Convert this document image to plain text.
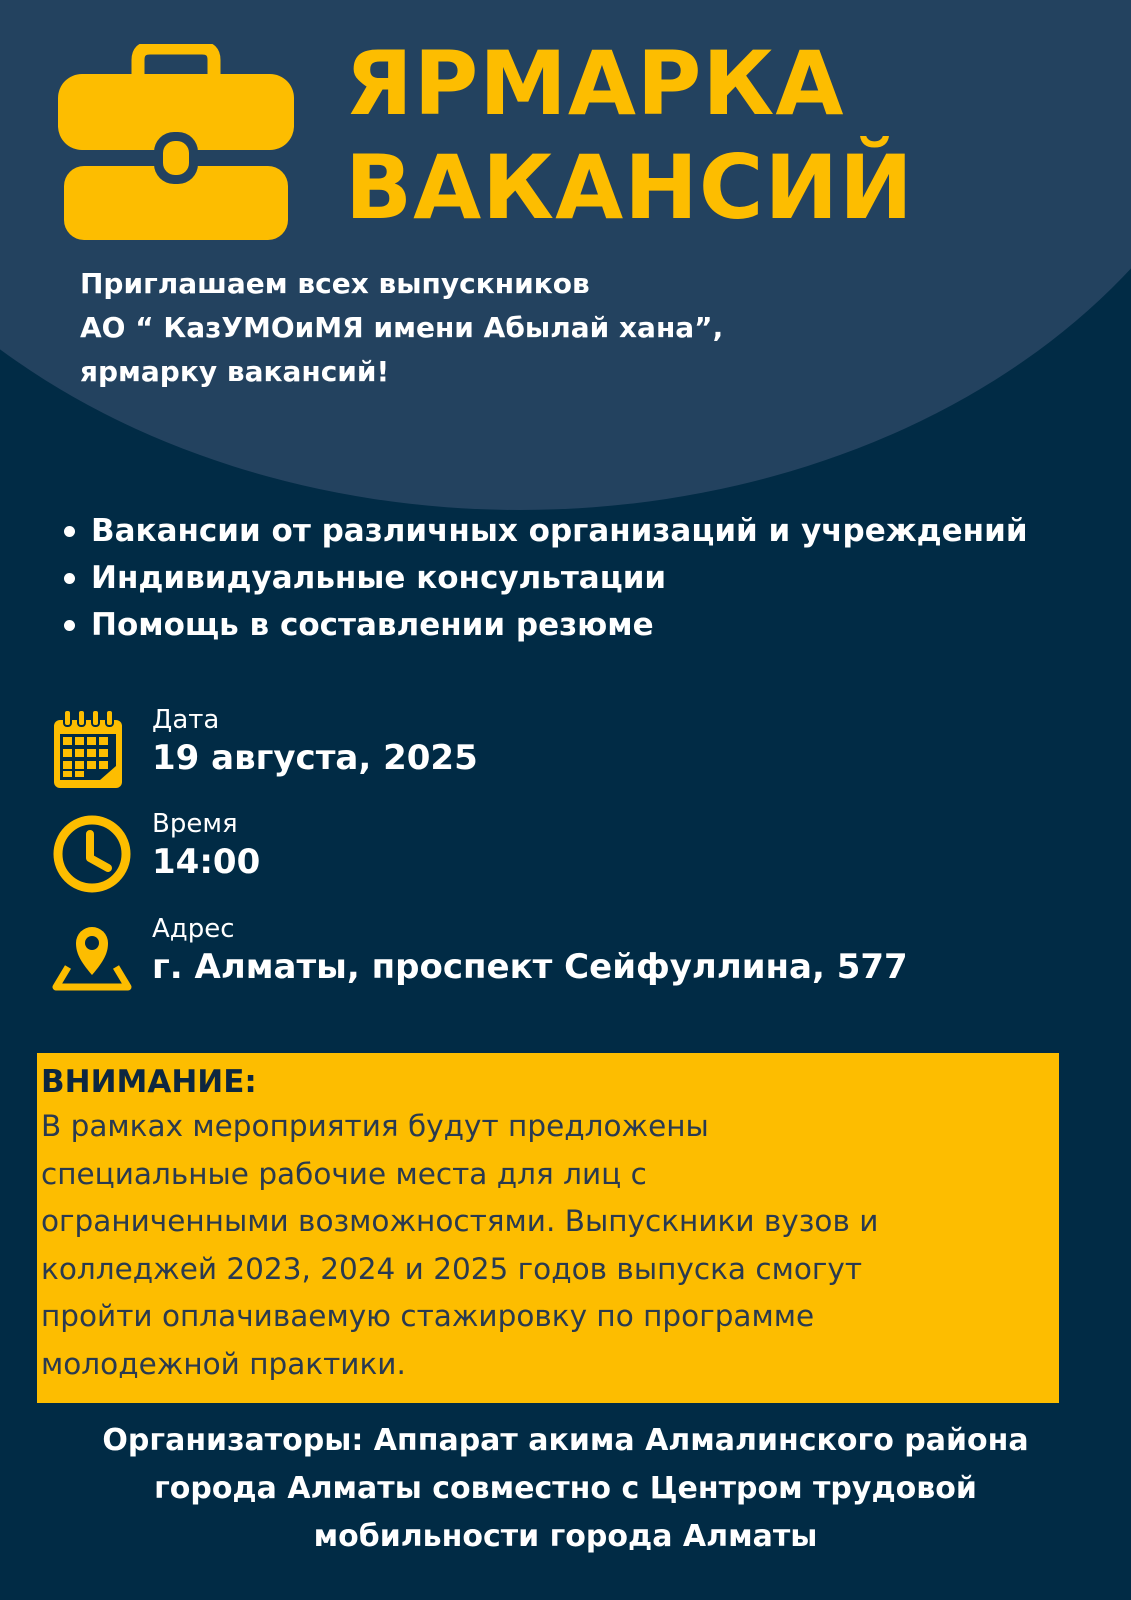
ЯРМАРКА
ВАКАНСИЙ

Приглашаем всех выпускников
АО “ КазУМОиМЯ имени Абылай хана”,
ярмарку вакансий!

Вакансии от различных организаций и учреждений
Индивидуальные консультации
Помощь в составлении резюме
Дата
19 августа, 2025
Время
14:00
Адрес
г. Алматы, проспект Сейфуллина, 577
ВНИМАНИЕ:
В рамках мероприятия будут предложены
специальные рабочие места для лиц с
ограниченными возможностями. Выпускники вузов и
колледжей 2023, 2024 и 2025 годов выпуска смогут
пройти оплачиваемую стажировку по программе
молодежной практики.

Организаторы: Аппарат акима Алмалинского района
города Алматы совместно с Центром трудовой
мобильности города Алматы
